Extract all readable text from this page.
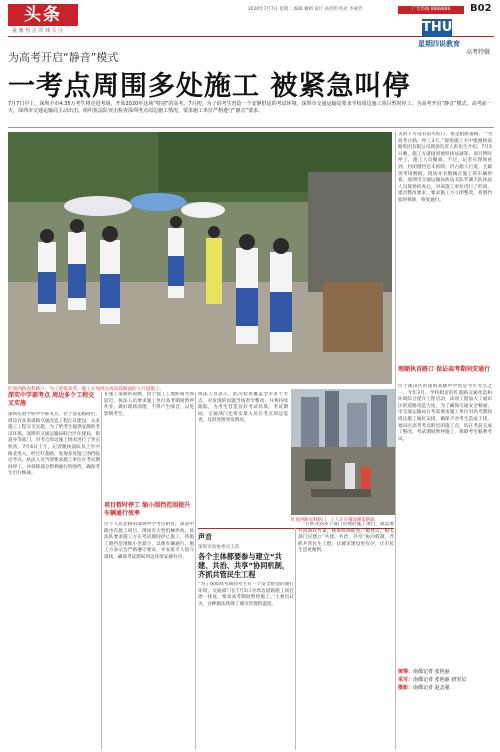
头条
重 塘 热 点 的 球 关 注
2020年7月7日 星期二 编辑 戴娟 设计 孙浩明 校对 李丽芳	广告热线 8888888	B02
THU
星期四说教育
高考特辑
为高考开启“静音”模式
一考点周围多处施工 被紧急叫停
7月7日早上，深圳全市4.35万考生将走进考场，开始2020年这场“特别”的高考。7月初，为了给考生营造一个安静舒适的考试环境，深圳市交通运输局要求学校周边施工项目暂时停工，为高考开启“静音”模式。高考前一天，深圳市交通运输局主动出击，组织执法队突击检查深圳考点周边施工情况，要求施工单位严格遵守“静音”要求。
红岗西路农科路口，为了迎接高考，施工方加班完成该段路面的人行道施工。
红岗西路农科路口，工人正在铺设修造路面。
关的下方设有消火栓口，很是阻断道路。 “为高考让路，停工3天。”现场施工方中建路桥道路集团有限公司现场负责人彭先生介绍，7月5日晚，施工方就接到地铁执法通知，项目暂时停工，施工人员撤离。不过，记者在现场看到，封闭围挡还未拆除，仍占据人行道，且紧邻考场侧路。现场并有数辆在施工的车辆停靠。深圳市交通运输局执法支队罗湖大队执法人员现场检查后，对该施工单位进行了约谈，提出整改要求，要求施工方立即整改，将围挡临时拆除，恢复通行。
理顺执首路口 保证高考期间安通行
位于福田区的深圳高级中学也是今年考点之一。今年3月，学校附近的红荔路交通改造和环境综合提升工程启动，该项工程加大了福田区的道路改造力度，为了确保交通安全畅通，市交通运输局在考前要求施工单位对高考期间周边施工做好安排，确保不对考生造成干扰。福田区高考考点附近的施工点，均在考前完成了整改，考试期间暂停施工，保障考生顺利考试。
深实中学部考点 周边多个工程交叉实施
深圳实验学校中学部考点，位于莲花路附近，周边有多条道路交通改造工程正在建设，众多施工工程交叉实施，为了给考生提供安静的考试环境，深圳市交通运输局联合区住建局、街道办等部门，对考点周边施工情况进行了突击检查。7月6日上午，记者随执法队从上步中路北进入，经过红荔路，发现多处施工围挡临近考点。执法人员当即要求施工单位在考试期间停工，并拆除部分影响通行的围挡，确保考生出行畅通。
在施工道路的南侧，由于施工工地距离考场较近，执法人员要求施工单位高考期间暂停作业，做好现场清理，不得产生噪音，以免影响考生。
项目暂时停工 缩小围挡范围提升车辆通行效率
位于人民北路的深圳中学考点附近，深南中路也有施工项目，现场有大型机械停放。执法队要求施工方在考试期间停止施工，将施工围挡范围缩小至最小，以便车辆通行。施工方表示会严格遵守要求，并安排专人值守现场，确保考试期间周边环境安静有序。
执法人员表示，此次检查覆盖全市多个考点，对发现的问题当场责令整改，并将持续跟踪，为考生营造良好考试环境。考试期间，交通部门还将安排人员在考点周边巡查，及时处理突发情况。
声音
深圳市政协委员王蓓
各个主体都要参与建立“共建、共治、共享”协同机制，齐抓共管民生工程
“为了保障高考期间考生有一个安全舒适的通行环境，交通部门在7月5日对周边道路施工项目逐一排查，要求高考期间暂停施工。”王委员认为，这种做法体现了城市管理的温度。
“一旦涉及到多个部门管理的施工项目，就需要共同商议方案，统筹协调推进。”她建议，相关部门应建立“共建、共治、共享”协同机制，齐抓共管民生工程，让城市建设更有序，让市民生活更便利。
统筹：南都记者 张艳丽
采写：南都记者 张艳丽 研究员
摄影：南都记者 赵志强
